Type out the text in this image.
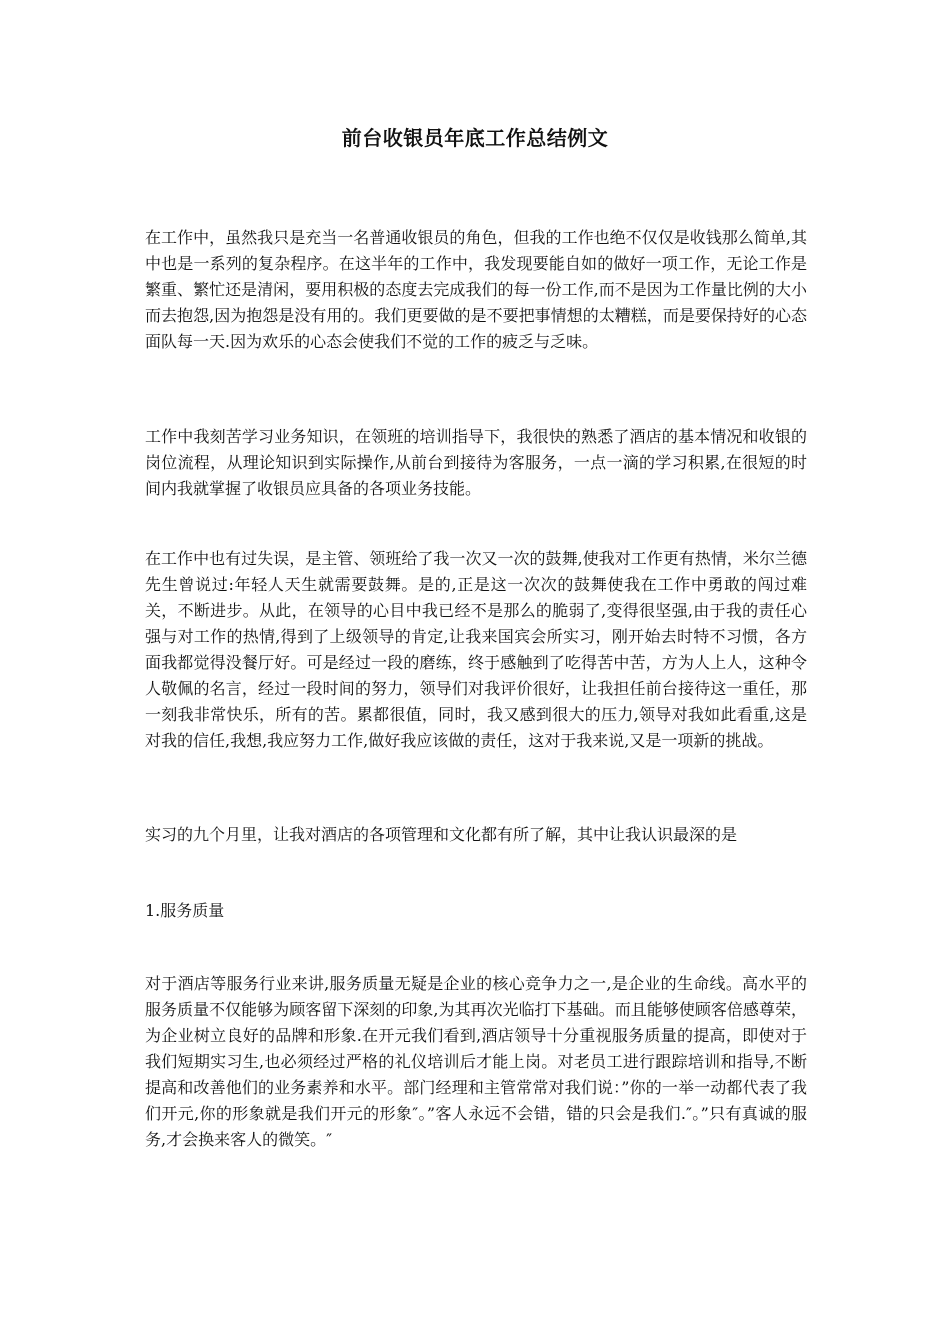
前台收银员年底工作总结例文

在工作中，虽然我只是充当一名普通收银员的角色，但我的工作也绝不仅仅是收钱那么简单,其中也是一系列的复杂程序。在这半年的工作中，我发现要能自如的做好一项工作，无论工作是繁重、繁忙还是清闲，要用积极的态度去完成我们的每一份工作,而不是因为工作量比例的大小而去抱怨,因为抱怨是没有用的。我们更要做的是不要把事情想的太糟糕，而是要保持好的心态面队每一天.因为欢乐的心态会使我们不觉的工作的疲乏与乏味。

工作中我刻苦学习业务知识，在领班的培训指导下，我很快的熟悉了酒店的基本情况和收银的岗位流程，从理论知识到实际操作,从前台到接待为客服务，一点一滴的学习积累,在很短的时间内我就掌握了收银员应具备的各项业务技能。

在工作中也有过失误，是主管、领班给了我一次又一次的鼓舞,使我对工作更有热情，米尔兰德先生曾说过:年轻人天生就需要鼓舞。是的,正是这一次次的鼓舞使我在工作中勇敢的闯过难关，不断进步。从此，在领导的心目中我已经不是那么的脆弱了,变得很坚强,由于我的责任心强与对工作的热情,得到了上级领导的肯定,让我来国宾会所实习，刚开始去时特不习惯，各方面我都觉得没餐厅好。可是经过一段的磨练，终于感触到了吃得苦中苦，方为人上人，这种令人敬佩的名言，经过一段时间的努力，领导们对我评价很好，让我担任前台接待这一重任，那一刻我非常快乐，所有的苦。累都很值，同时，我又感到很大的压力,领导对我如此看重,这是对我的信任,我想,我应努力工作,做好我应该做的责任，这对于我来说,又是一项新的挑战。

实习的九个月里，让我对酒店的各项管理和文化都有所了解，其中让我认识最深的是

1.服务质量

对于酒店等服务行业来讲,服务质量无疑是企业的核心竞争力之一,是企业的生命线。高水平的服务质量不仅能够为顾客留下深刻的印象,为其再次光临打下基础。而且能够使顾客倍感尊荣，为企业树立良好的品牌和形象.在开元我们看到,酒店领导十分重视服务质量的提高，即使对于我们短期实习生,也必须经过严格的礼仪培训后才能上岗。对老员工进行跟踪培训和指导,不断提高和改善他们的业务素养和水平。部门经理和主管常常对我们说：”你的一举一动都代表了我们开元,你的形象就是我们开元的形象″。”客人永远不会错，错的只会是我们.″。”只有真诚的服务,才会换来客人的微笑。″
